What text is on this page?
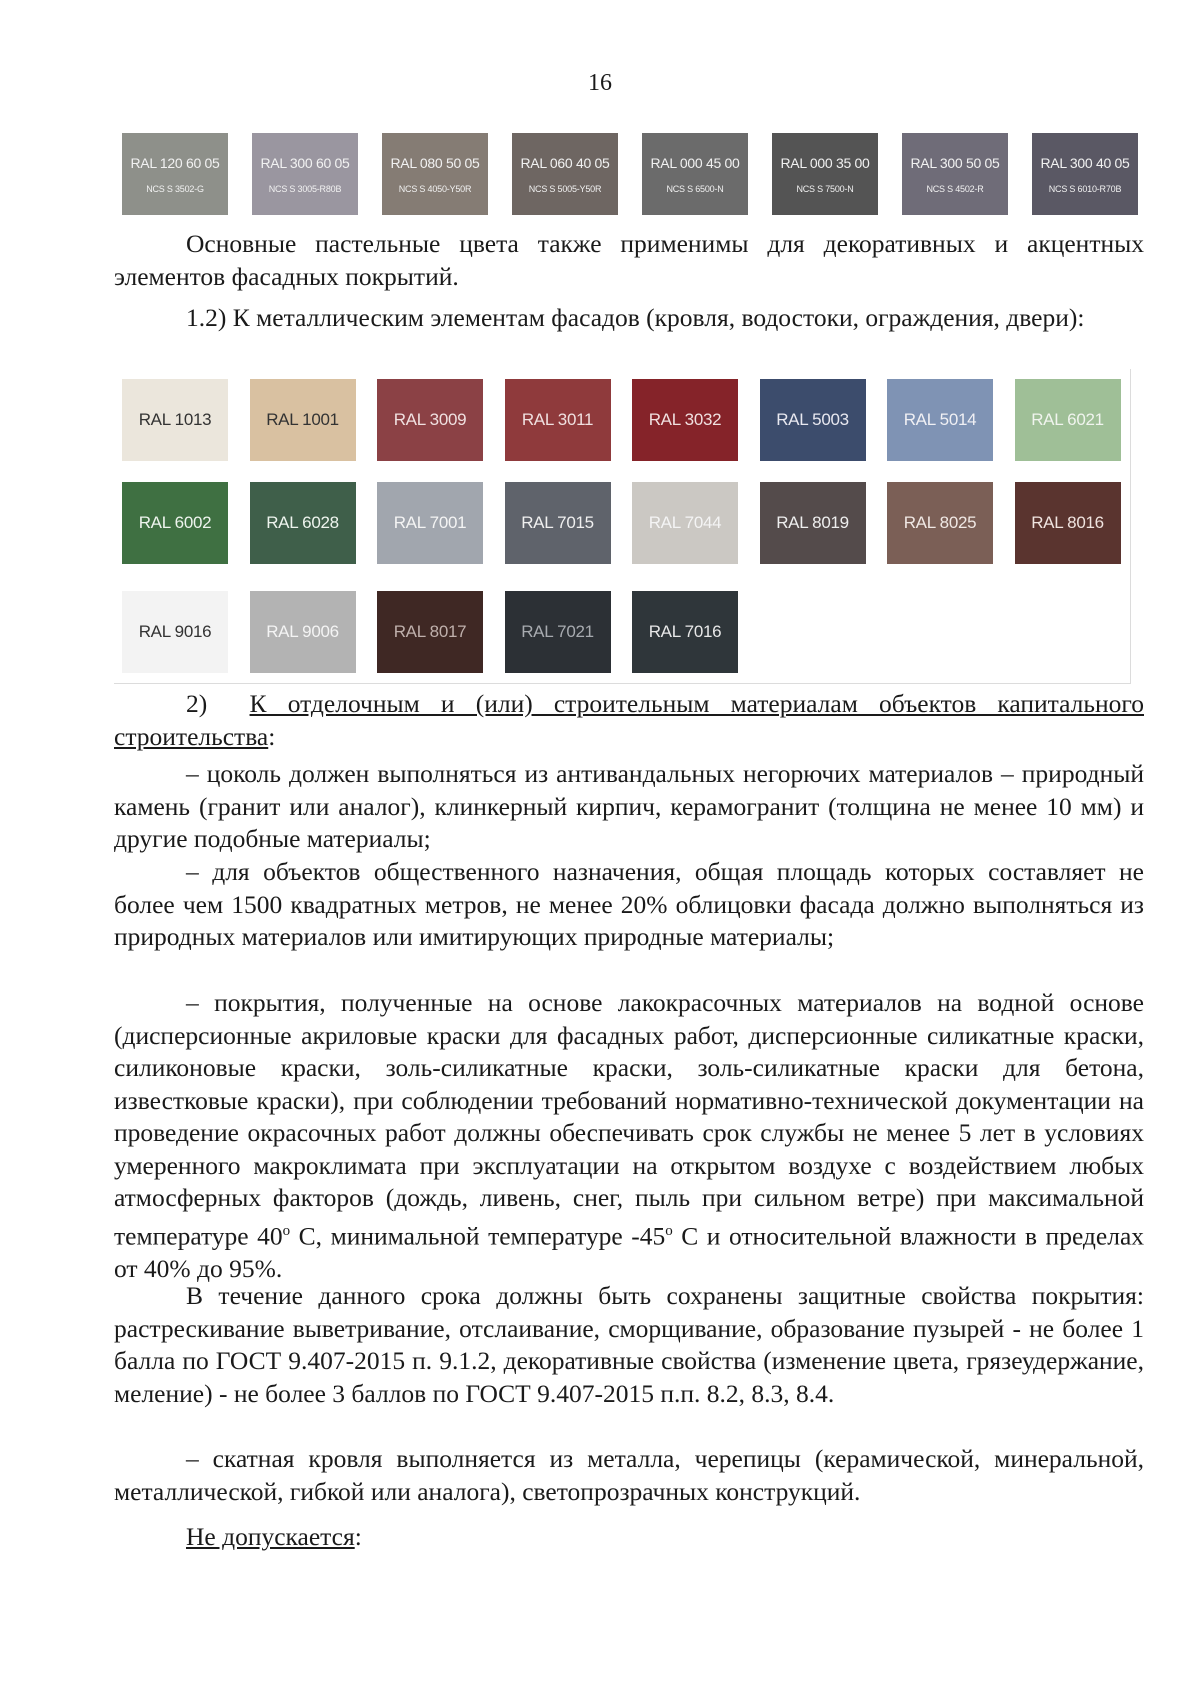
16
RAL 120 60 05
NCS S 3502-G
RAL 300 60 05
NCS S 3005-R80B
RAL 080 50 05
NCS S 4050-Y50R
RAL 060 40 05
NCS S 5005-Y50R
RAL 000 45 00
NCS S 6500-N
RAL 000 35 00
NCS S 7500-N
RAL 300 50 05
NCS S 4502-R
RAL 300 40 05
NCS S 6010-R70B
Основные пастельные цвета также применимы для декоративных и акцентных элементов фасадных покрытий.
1.2) К металлическим элементам фасадов (кровля, водостоки, ограждения, двери):
RAL 1013	RAL 1001	RAL 3009	RAL 3011	RAL 3032	RAL 5003	RAL 5014	RAL 6021
RAL 6002	RAL 6028	RAL 7001	RAL 7015	RAL 7044	RAL 8019	RAL 8025	RAL 8016
RAL 9016	RAL 9006	RAL 8017	RAL 7021	RAL 7016
2) К отделочным и (или) строительным материалам объектов капитального строительства:
– цоколь должен выполняться из антивандальных негорючих материалов – природный камень (гранит или аналог), клинкерный кирпич, керамогранит (толщина не менее 10 мм) и другие подобные материалы;
– для объектов общественного назначения, общая площадь которых составляет не более чем 1500 квадратных метров, не менее 20% облицовки фасада должно выполняться из природных материалов или имитирующих природные материалы;
– покрытия, полученные на основе лакокрасочных материалов на водной основе (дисперсионные акриловые краски для фасадных работ, дисперсионные силикатные краски, силиконовые краски, золь-силикатные краски, золь-силикатные краски для бетона, известковые краски), при соблюдении требований нормативно-технической документации на проведение окрасочных работ должны обеспечивать срок службы не менее 5 лет в условиях умеренного макроклимата при эксплуатации на открытом воздухе с воздействием любых атмосферных факторов (дождь, ливень, снег, пыль при сильном ветре) при максимальной температуре $40^о$ С, минимальной температуре $-45^о$ С и относительной влажности в пределах от 40% до 95%.
В течение данного срока должны быть сохранены защитные свойства покрытия: растрескивание выветривание, отслаивание, сморщивание, образование пузырей - не более 1 балла по ГОСТ 9.407-2015 п. 9.1.2, декоративные свойства (изменение цвета, грязеудержание, меление) - не более 3 баллов по ГОСТ 9.407-2015 п.п. 8.2, 8.3, 8.4.
– скатная кровля выполняется из металла, черепицы (керамической, минеральной, металлической, гибкой или аналога), светопрозрачных конструкций.
Не допускается:
